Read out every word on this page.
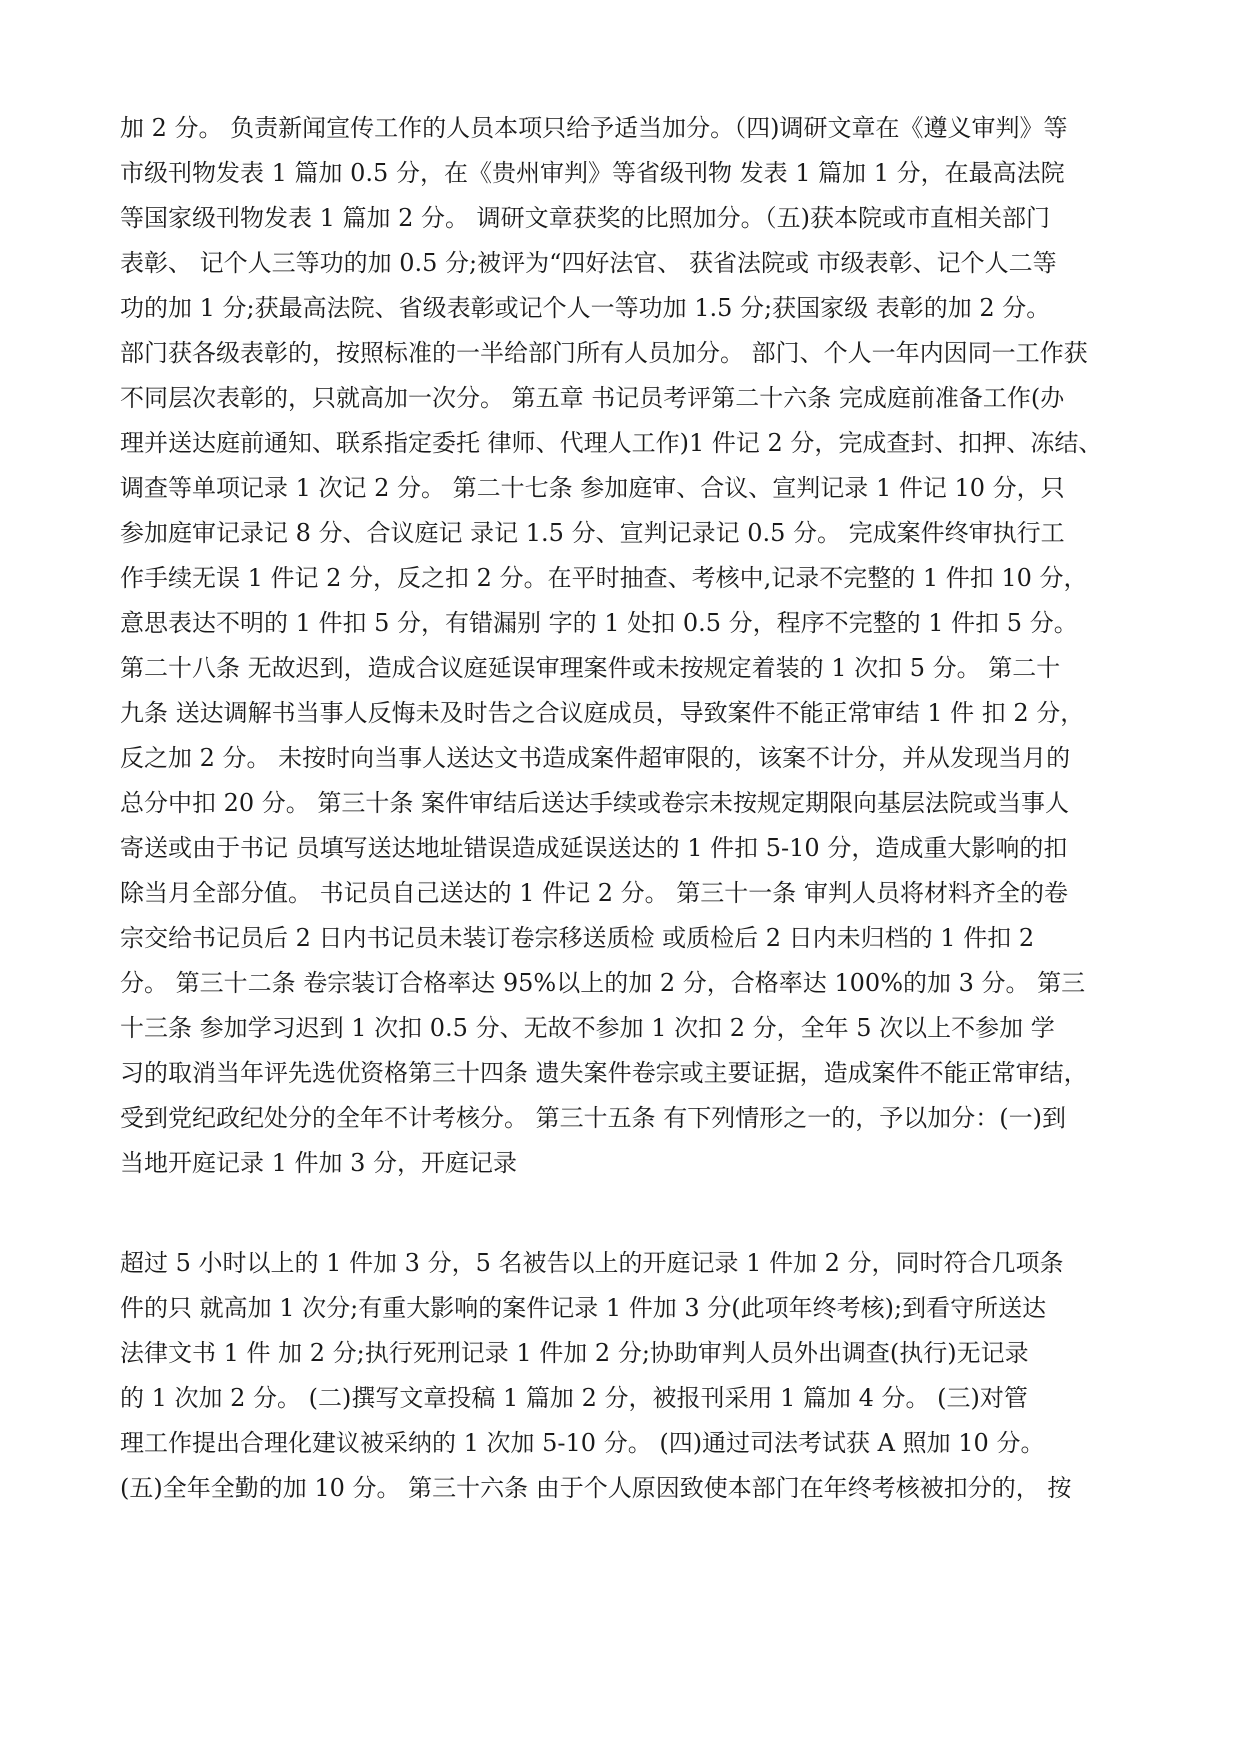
加 2 分。 负责新闻宣传工作的人员本项只给予适当加分。（四)调研文章在《遵义审判》等
市级刊物发表 1 篇加 0.5 分，在《贵州审判》等省级刊物 发表 1 篇加 1 分，在最高法院
等国家级刊物发表 1 篇加 2 分。 调研文章获奖的比照加分。（五)获本院或市直相关部门
表彰、 记个人三等功的加 0.5 分;被评为“四好法官、 获省法院或 市级表彰、记个人二等
功的加 1 分;获最高法院、省级表彰或记个人一等功加 1.5 分;获国家级 表彰的加 2 分。
部门获各级表彰的，按照标准的一半给部门所有人员加分。 部门、个人一年内因同一工作获
不同层次表彰的，只就高加一次分。 第五章 书记员考评第二十六条 完成庭前准备工作(办
理并送达庭前通知、联系指定委托 律师、代理人工作)1 件记 2 分，完成查封、扣押、冻结、
调查等单项记录 1 次记 2 分。 第二十七条 参加庭审、合议、宣判记录 1 件记 10 分，只
参加庭审记录记 8 分、合议庭记 录记 1.5 分、宣判记录记 0.5 分。 完成案件终审执行工
作手续无误 1 件记 2 分，反之扣 2 分。在平时抽查、考核中,记录不完整的 1 件扣 10 分，
意思表达不明的 1 件扣 5 分，有错漏别 字的 1 处扣 0.5 分，程序不完整的 1 件扣 5 分。
第二十八条 无故迟到，造成合议庭延误审理案件或未按规定着装的 1 次扣 5 分。 第二十
九条 送达调解书当事人反悔未及时告之合议庭成员，导致案件不能正常审结 1 件 扣 2 分，
反之加 2 分。 未按时向当事人送达文书造成案件超审限的，该案不计分，并从发现当月的
总分中扣 20 分。 第三十条 案件审结后送达手续或卷宗未按规定期限向基层法院或当事人
寄送或由于书记 员填写送达地址错误造成延误送达的 1 件扣 5-10 分，造成重大影响的扣
除当月全部分值。 书记员自己送达的 1 件记 2 分。 第三十一条 审判人员将材料齐全的卷
宗交给书记员后 2 日内书记员未装订卷宗移送质检 或质检后 2 日内未归档的 1 件扣 2
分。 第三十二条 卷宗装订合格率达 95%以上的加 2 分，合格率达 100%的加 3 分。 第三
十三条 参加学习迟到 1 次扣 0.5 分、无故不参加 1 次扣 2 分，全年 5 次以上不参加 学
习的取消当年评先选优资格第三十四条 遗失案件卷宗或主要证据，造成案件不能正常审结，
受到党纪政纪处分的全年不计考核分。 第三十五条 有下列情形之一的，予以加分：(一)到
当地开庭记录 1 件加 3 分，开庭记录
超过 5 小时以上的 1 件加 3 分，5 名被告以上的开庭记录 1 件加 2 分，同时符合几项条
件的只 就高加 1 次分;有重大影响的案件记录 1 件加 3 分(此项年终考核);到看守所送达
法律文书 1 件 加 2 分;执行死刑记录 1 件加 2 分;协助审判人员外出调查(执行)无记录
的 1 次加 2 分。 (二)撰写文章投稿 1 篇加 2 分，被报刊采用 1 篇加 4 分。 (三)对管
理工作提出合理化建议被采纳的 1 次加 5-10 分。 (四)通过司法考试获 A 照加 10 分。
(五)全年全勤的加 10 分。 第三十六条 由于个人原因致使本部门在年终考核被扣分的， 按
